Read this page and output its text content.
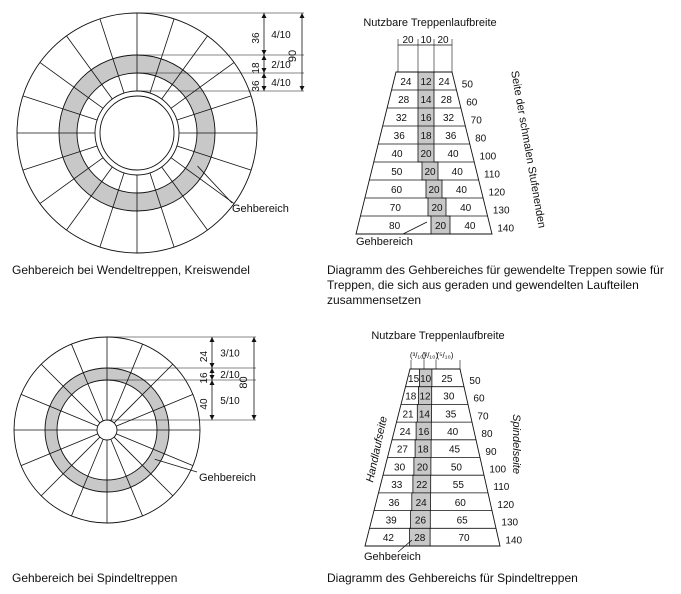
36
18
36
90
4/10
2/10
4/10
Gehbereich
24
16
40
80
3/10
2/10
5/10
Gehbereich
Nutzbare Treppenlaufbreite
24 12 24 50
28 14 28 60
32 16 32 70
36 18 36 80
40 20 40 100
50 20 40 110
60	20 40 120
70	20 40 130
80	20 40 140
20 10 20
Seite der schmalen Stufenenden
Gehbereich
Nutzbare Treppenlaufbreite
15 10 25 50
18 12 30 60
21 14 35 70
24 16 40 80
27 18 45	90
30 20 50	100
33 22	55	110
36 24	60	120
39 26	65	130
42 28	70	140
(³/₁₀)
(²/₁₀)
(⁵/₁₀)
Handlaufseite	Spindelseite
Gehbereich

Gehbereich bei Wendeltreppen, Kreiswendel	Diagramm des Gehbereiches für gewendelte Treppen sowie für Treppen, die sich aus geraden und gewendelten Laufteilen zusammensetzen

Gehbereich bei Spindeltreppen	Diagramm des Gehbereichs für Spindeltreppen
